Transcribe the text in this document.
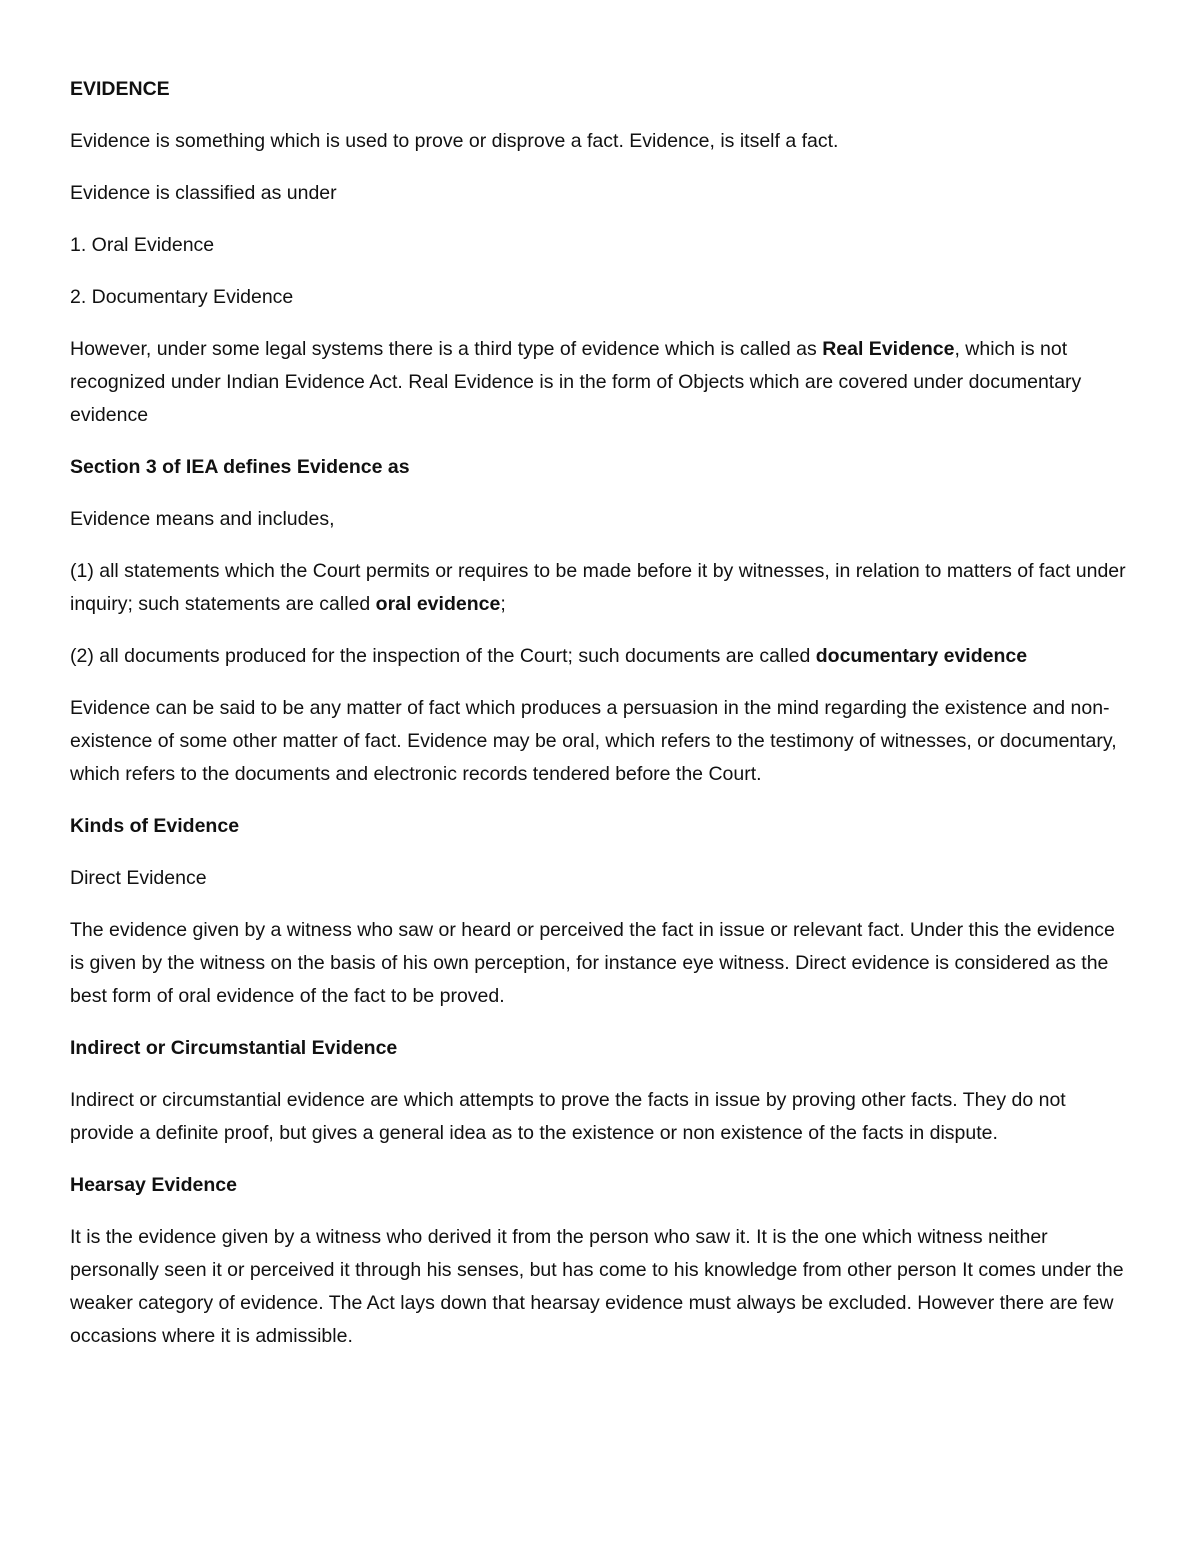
EVIDENCE

Evidence is something which is used to prove or disprove a fact. Evidence, is itself a fact.

Evidence is classified as under

1. Oral Evidence

2. Documentary Evidence

However, under some legal systems there is a third type of evidence which is called as Real Evidence, which is not recognized under Indian Evidence Act. Real Evidence is in the form of Objects which are covered under documentary evidence

Section 3 of IEA defines Evidence as

Evidence means and includes,

(1) all statements which the Court permits or requires to be made before it by witnesses, in relation to matters of fact under inquiry; such statements are called oral evidence;

(2) all documents produced for the inspection of the Court; such documents are called documentary evidence

Evidence can be said to be any matter of fact which produces a persuasion in the mind regarding the existence and non-existence of some other matter of fact. Evidence may be oral, which refers to the testimony of witnesses, or documentary, which refers to the documents and electronic records tendered before the Court.

Kinds of Evidence

Direct Evidence

The evidence given by a witness who saw or heard or perceived the fact in issue or relevant fact. Under this the evidence is given by the witness on the basis of his own perception, for instance eye witness. Direct evidence is considered as the best form of oral evidence of the fact to be proved.

Indirect or Circumstantial Evidence

Indirect or circumstantial evidence are which attempts to prove the facts in issue by proving other facts. They do not provide a definite proof, but gives a general idea as to the existence or non existence of the facts in dispute.

Hearsay Evidence

It is the evidence given by a witness who derived it from the person who saw it. It is the one which witness neither personally seen it or perceived it through his senses, but has come to his knowledge from other person It comes under the weaker category of evidence. The Act lays down that hearsay evidence must always be excluded. However there are few occasions where it is admissible.
